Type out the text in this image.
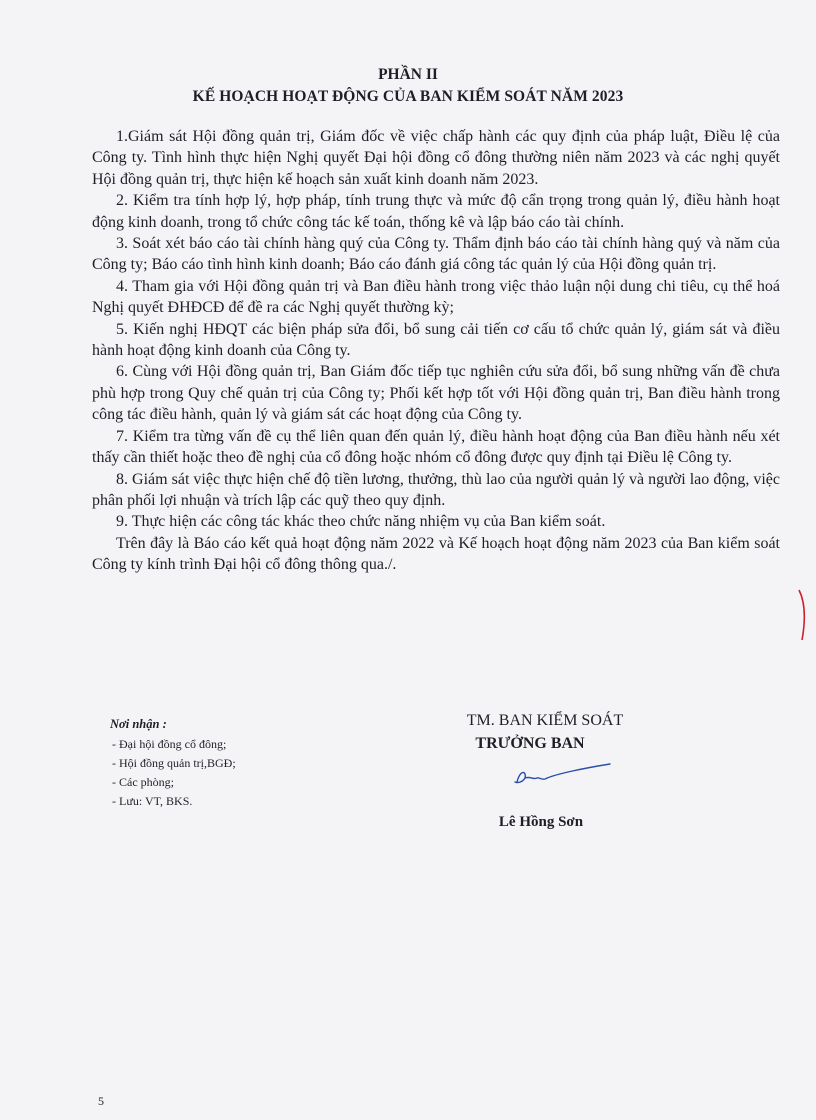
PHẦN II
KẾ HOẠCH HOẠT ĐỘNG CỦA BAN KIỂM SOÁT NĂM 2023

1.Giám sát Hội đồng quản trị, Giám đốc về việc chấp hành các quy định của pháp luật, Điều lệ của Công ty. Tình hình thực hiện Nghị quyết Đại hội đồng cổ đông thường niên năm 2023 và các nghị quyết Hội đồng quản trị, thực hiện kế hoạch sản xuất kinh doanh năm 2023.

2. Kiểm tra tính hợp lý, hợp pháp, tính trung thực và mức độ cẩn trọng trong quản lý, điều hành hoạt động kinh doanh, trong tổ chức công tác kế toán, thống kê và lập báo cáo tài chính.

3. Soát xét báo cáo tài chính hàng quý của Công ty. Thẩm định báo cáo tài chính hàng quý và năm của Công ty; Báo cáo tình hình kinh doanh; Báo cáo đánh giá công tác quản lý của Hội đồng quản trị.

4. Tham gia với Hội đồng quản trị và Ban điều hành trong việc thảo luận nội dung chi tiêu, cụ thể hoá Nghị quyết ĐHĐCĐ để đề ra các Nghị quyết thường kỳ;

5. Kiến nghị HĐQT các biện pháp sửa đổi, bổ sung cải tiến cơ cấu tổ chức quản lý, giám sát và điều hành hoạt động kinh doanh của Công ty.

6. Cùng với Hội đồng quản trị, Ban Giám đốc tiếp tục nghiên cứu sửa đổi, bổ sung những vấn đề chưa phù hợp trong Quy chế quản trị của Công ty; Phối kết hợp tốt với Hội đồng quản trị, Ban điều hành trong công tác điều hành, quản lý và giám sát các hoạt động của Công ty.

7. Kiểm tra từng vấn đề cụ thể liên quan đến quản lý, điều hành hoạt động của Ban điều hành nếu xét thấy cần thiết hoặc theo đề nghị của cổ đông hoặc nhóm cổ đông được quy định tại Điều lệ Công ty.

8. Giám sát việc thực hiện chế độ tiền lương, thưởng, thù lao của người quản lý và người lao động, việc phân phối lợi nhuận và trích lập các quỹ theo quy định.

9. Thực hiện các công tác khác theo chức năng nhiệm vụ của Ban kiểm soát.

Trên đây là Báo cáo kết quả hoạt động năm 2022 và Kế hoạch hoạt động năm 2023 của Ban kiểm soát Công ty kính trình Đại hội cổ đông thông qua./.

Nơi nhận :
- Đại hội đồng cổ đông;
- Hội đồng quản trị,BGĐ;
- Các phòng;
- Lưu: VT, BKS.
TM. BAN KIỂM SOÁT
TRƯỞNG BAN
Lê Hồng Sơn
5
